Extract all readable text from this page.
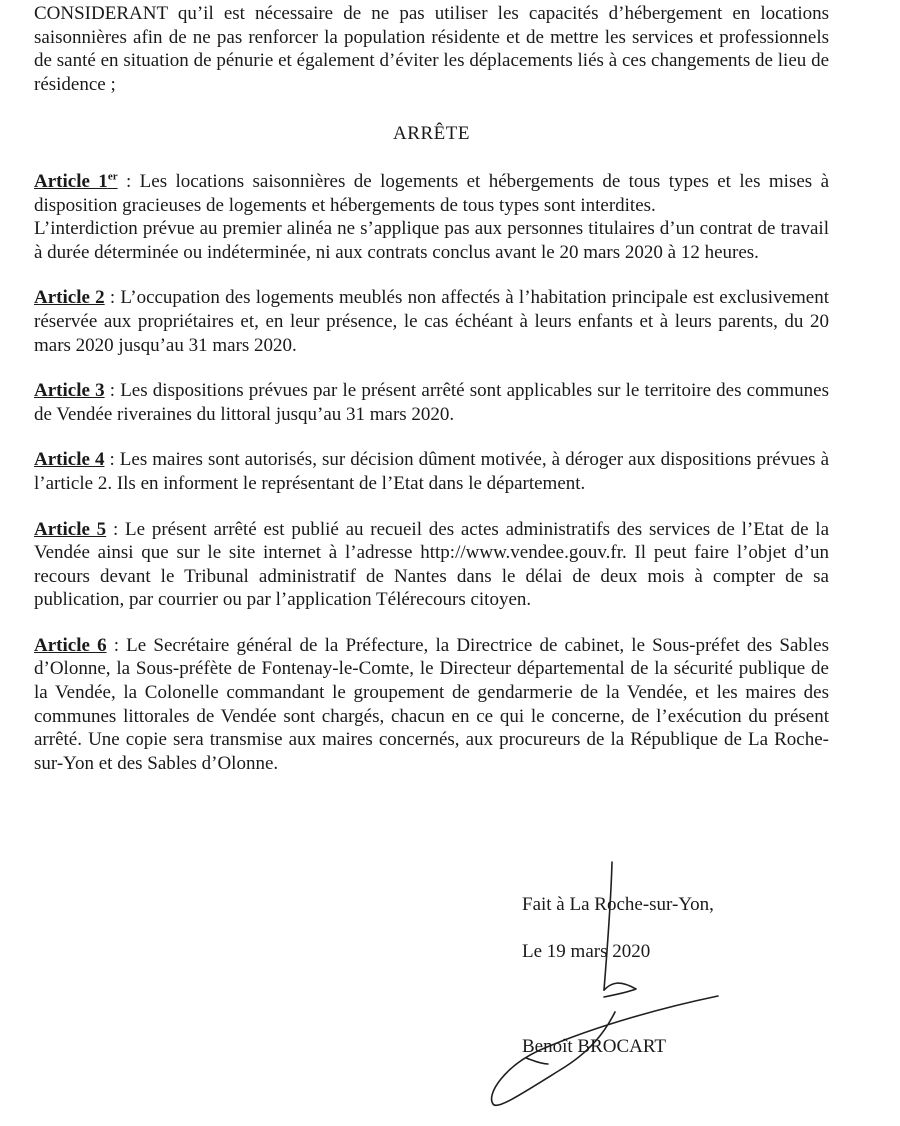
CONSIDERANT qu’il est nécessaire de ne pas utiliser les capacités d’hébergement en locations saisonnières afin de ne pas renforcer la population résidente et de mettre les services et professionnels de santé en situation de pénurie et également d’éviter les déplacements liés à ces changements de lieu de résidence ;

ARRÊTE

Article 1er : Les locations saisonnières de logements et hébergements de tous types et les mises à disposition gracieuses de logements et hébergements de tous types sont interdites.

L’interdiction prévue au premier alinéa ne s’applique pas aux personnes titulaires d’un contrat de travail à durée déterminée ou indéterminée, ni aux contrats conclus avant le 20 mars 2020 à 12 heures.

Article 2 : L’occupation des logements meublés non affectés à l’habitation principale est exclusivement réservée aux propriétaires et, en leur présence, le cas échéant à leurs enfants et à leurs parents, du 20 mars 2020 jusqu’au 31 mars 2020.

Article 3 : Les dispositions prévues par le présent arrêté sont applicables sur le territoire des communes de Vendée riveraines du littoral jusqu’au 31 mars 2020.

Article 4 : Les maires sont autorisés, sur décision dûment motivée, à déroger aux dispositions prévues à l’article 2. Ils en informent le représentant de l’Etat dans le département.

Article 5 : Le présent arrêté est publié au recueil des actes administratifs des services de l’Etat de la Vendée ainsi que sur le site internet à l’adresse http://www.vendee.gouv.fr. Il peut faire l’objet d’un recours devant le Tribunal administratif de Nantes dans le délai de deux mois à compter de sa publication, par courrier ou par l’application Télérecours citoyen.

Article 6 : Le Secrétaire général de la Préfecture, la Directrice de cabinet, le Sous-préfet des Sables d’Olonne, la Sous-préfète de Fontenay-le-Comte, le Directeur départemental de la sécurité publique de la Vendée, la Colonelle commandant le groupement de gendarmerie de la Vendée, et les maires des communes littorales de Vendée sont chargés, chacun en ce qui le concerne, de l’exécution du présent arrêté. Une copie sera transmise aux maires concernés, aux procureurs de la République de La Roche-sur-Yon et des Sables d’Olonne.

Fait à La Roche-sur-Yon,

Le 19 mars 2020

Benoît BROCART
